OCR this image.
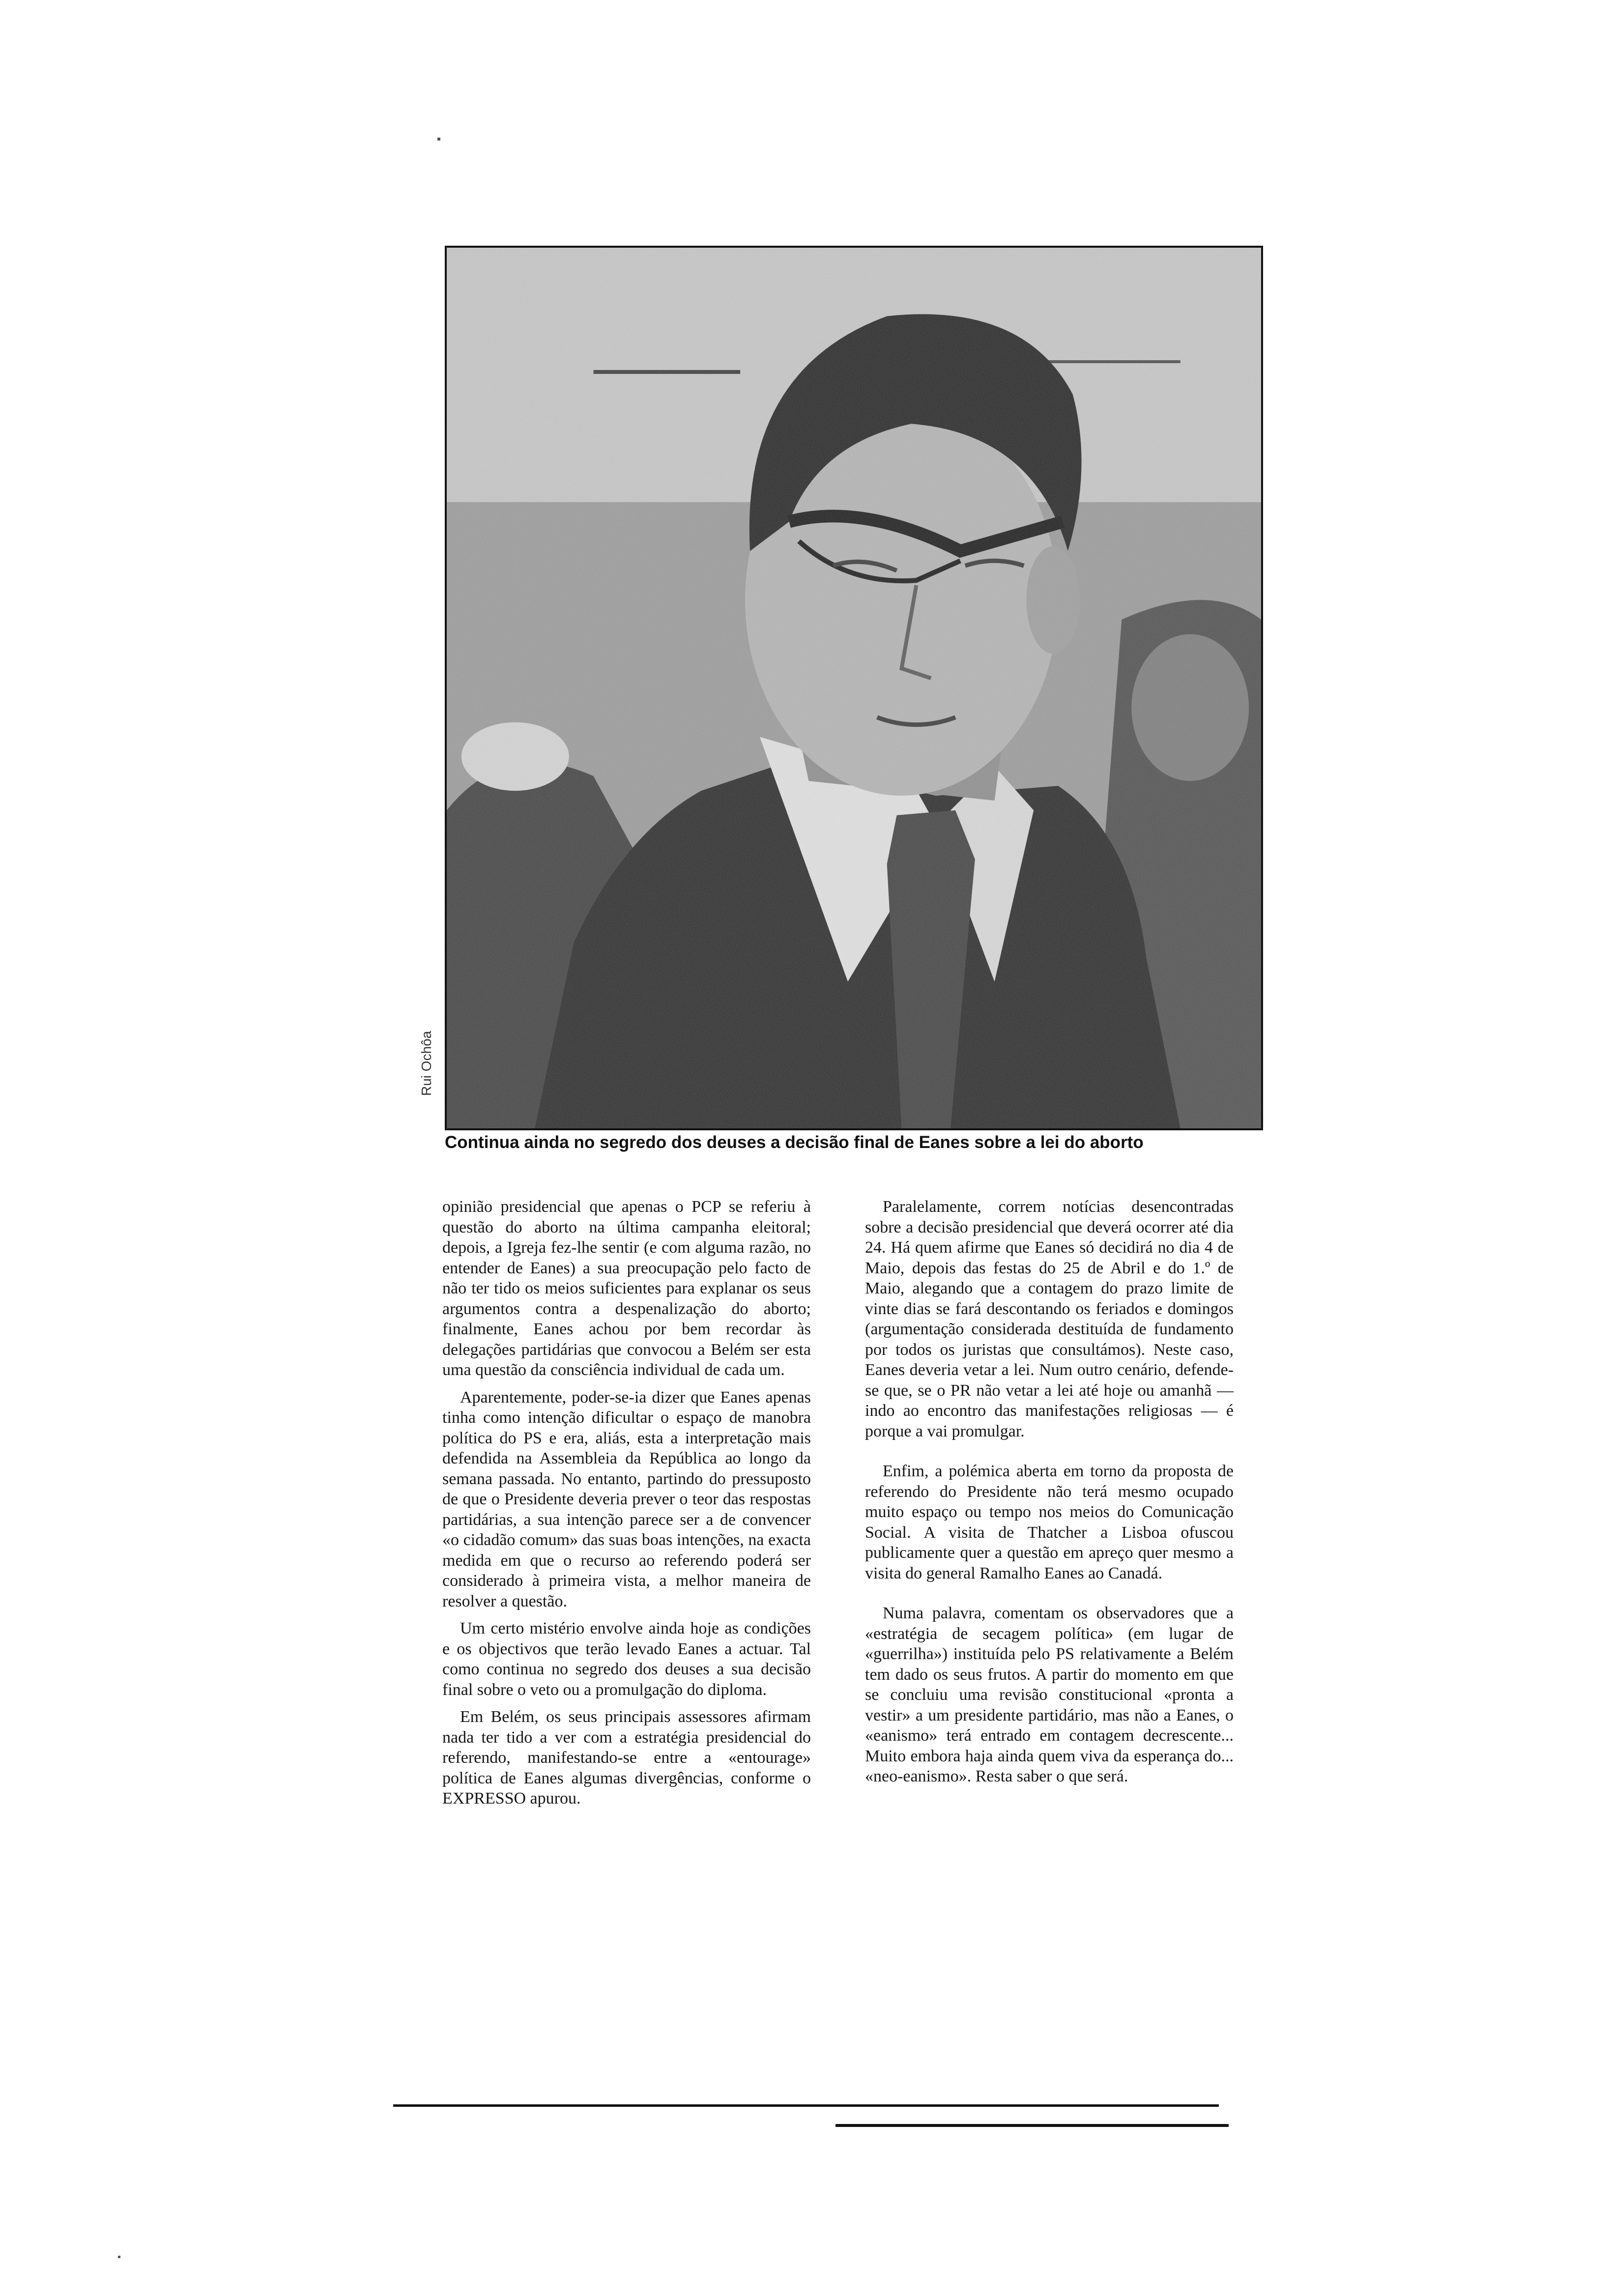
Rui Ochôa
Continua ainda no segredo dos deuses a decisão final de Eanes sobre a lei do aborto

opinião presidencial que apenas o PCP se referiu à questão do aborto na última campanha eleitoral; depois, a Igreja fez-lhe sentir (e com alguma razão, no entender de Eanes) a sua preocupação pelo facto de não ter tido os meios suficientes para explanar os seus argumentos contra a despenalização do aborto; finalmente, Eanes achou por bem recordar às delegações partidárias que convocou a Belém ser esta uma questão da consciência individual de cada um.

Aparentemente, poder-se-ia dizer que Eanes apenas tinha como intenção dificultar o espaço de manobra política do PS e era, aliás, esta a interpretação mais defendida na Assembleia da República ao longo da semana passada. No entanto, partindo do pressuposto de que o Presidente deveria prever o teor das respostas partidárias, a sua intenção parece ser a de convencer «o cidadão comum» das suas boas intenções, na exacta medida em que o recurso ao referendo poderá ser considerado à primeira vista, a melhor maneira de resolver a questão.

Um certo mistério envolve ainda hoje as condições e os objectivos que terão levado Eanes a actuar. Tal como continua no segredo dos deuses a sua decisão final sobre o veto ou a promulgação do diploma.

Em Belém, os seus principais assessores afirmam nada ter tido a ver com a estratégia presidencial do referendo, manifestando-se entre a «entourage» política de Eanes algumas divergências, conforme o EXPRESSO apurou.

Paralelamente, correm notícias desencontradas sobre a decisão presidencial que deverá ocorrer até dia 24. Há quem afirme que Eanes só decidirá no dia 4 de Maio, depois das festas do 25 de Abril e do 1.º de Maio, alegando que a contagem do prazo limite de vinte dias se fará descontando os feriados e domingos (argumentação considerada destituída de fundamento por todos os juristas que consultámos). Neste caso, Eanes deveria vetar a lei. Num outro cenário, defende-se que, se o PR não vetar a lei até hoje ou amanhã — indo ao encontro das manifestações religiosas — é porque a vai promulgar.

Enfim, a polémica aberta em torno da proposta de referendo do Presidente não terá mesmo ocupado muito espaço ou tempo nos meios do Comunicação Social. A visita de Thatcher a Lisboa ofuscou publicamente quer a questão em apreço quer mesmo a visita do general Ramalho Eanes ao Canadá.

Numa palavra, comentam os observadores que a «estratégia de secagem política» (em lugar de «guerrilha») instituída pelo PS relativamente a Belém tem dado os seus frutos. A partir do momento em que se concluiu uma revisão constitucional «pronta a vestir» a um presidente partidário, mas não a Eanes, o «eanismo» terá entrado em contagem decrescente... Muito embora haja ainda quem viva da esperança do... «neo-eanismo». Resta saber o que será.
